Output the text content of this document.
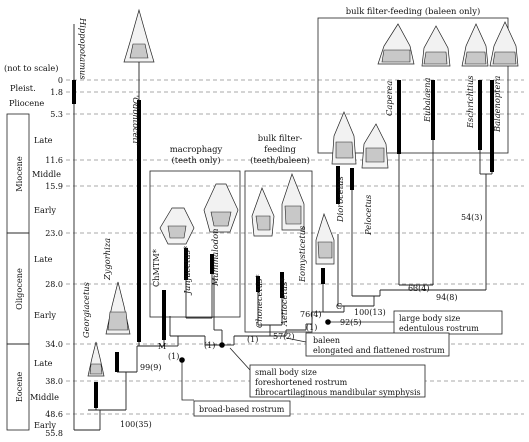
(not to scale)
Pleist.
Pliocene
Miocene
Oligocene
Eocene
Late
Middle
Early
Late
Early
Late
Middle
Early
0
1.8
5.3
11.6
15.9
23.0
28.0
34.0
38.0
48.6
55.8
bulk filter-feeding (baleen only)
macrophagy
(teeth only)
bulk filter-
feeding
(teeth/baleen)
Hippopotamus
'Odontoceti'
Georgiacetus
Zygorhiza	ChMTM*	Janjucetus* Mammalodon
Chonecetus* Aetiocetus*
Eomysticetus
Diorocetus Pelocetus
Caperea	Eubalaena	Eschrichtius Balaenoptera
100(35)
99(9)
M
(1)
(1)
(1) 57(2)
(1)
76(4)
92(5)
C
100(13)
63(4)
94(8)
54(3)
large body size
edentulous rostrum
baleen
elongated and flattened rostrum
small body size
foreshortened rostrum
fibrocartilaginous mandibular symphysis
broad-based rostrum
